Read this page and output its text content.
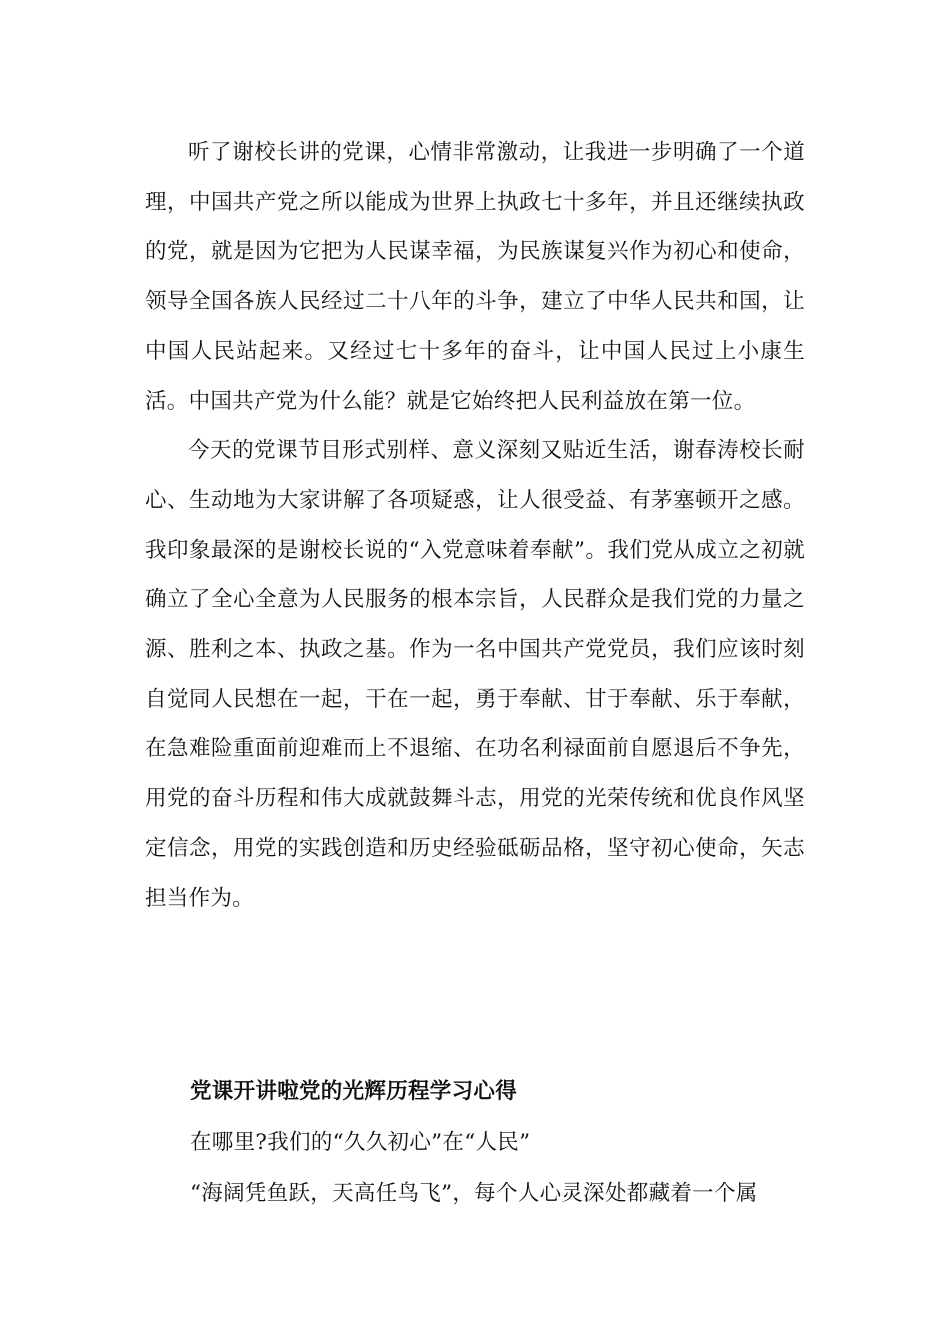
听了谢校长讲的党课，心情非常激动，让我进一步明确了一个道理，中国共产党之所以能成为世界上执政七十多年，并且还继续执政的党，就是因为它把为人民谋幸福，为民族谋复兴作为初心和使命，领导全国各族人民经过二十八年的斗争，建立了中华人民共和国，让中国人民站起来。又经过七十多年的奋斗，让中国人民过上小康生活。中国共产党为什么能？就是它始终把人民利益放在第一位。

今天的党课节目形式别样、意义深刻又贴近生活，谢春涛校长耐心、生动地为大家讲解了各项疑惑，让人很受益、有茅塞顿开之感。我印象最深的是谢校长说的“入党意味着奉献”。我们党从成立之初就确立了全心全意为人民服务的根本宗旨，人民群众是我们党的力量之源、胜利之本、执政之基。作为一名中国共产党党员，我们应该时刻自觉同人民想在一起，干在一起，勇于奉献、甘于奉献、乐于奉献，在急难险重面前迎难而上不退缩、在功名利禄面前自愿退后不争先，用党的奋斗历程和伟大成就鼓舞斗志，用党的光荣传统和优良作风坚定信念，用党的实践创造和历史经验砥砺品格，坚守初心使命，矢志担当作为。

党课开讲啦党的光辉历程学习心得
在哪里?我们的“久久初心”在“人民”
“海阔凭鱼跃，天高任鸟飞”，每个人心灵深处都藏着一个属
